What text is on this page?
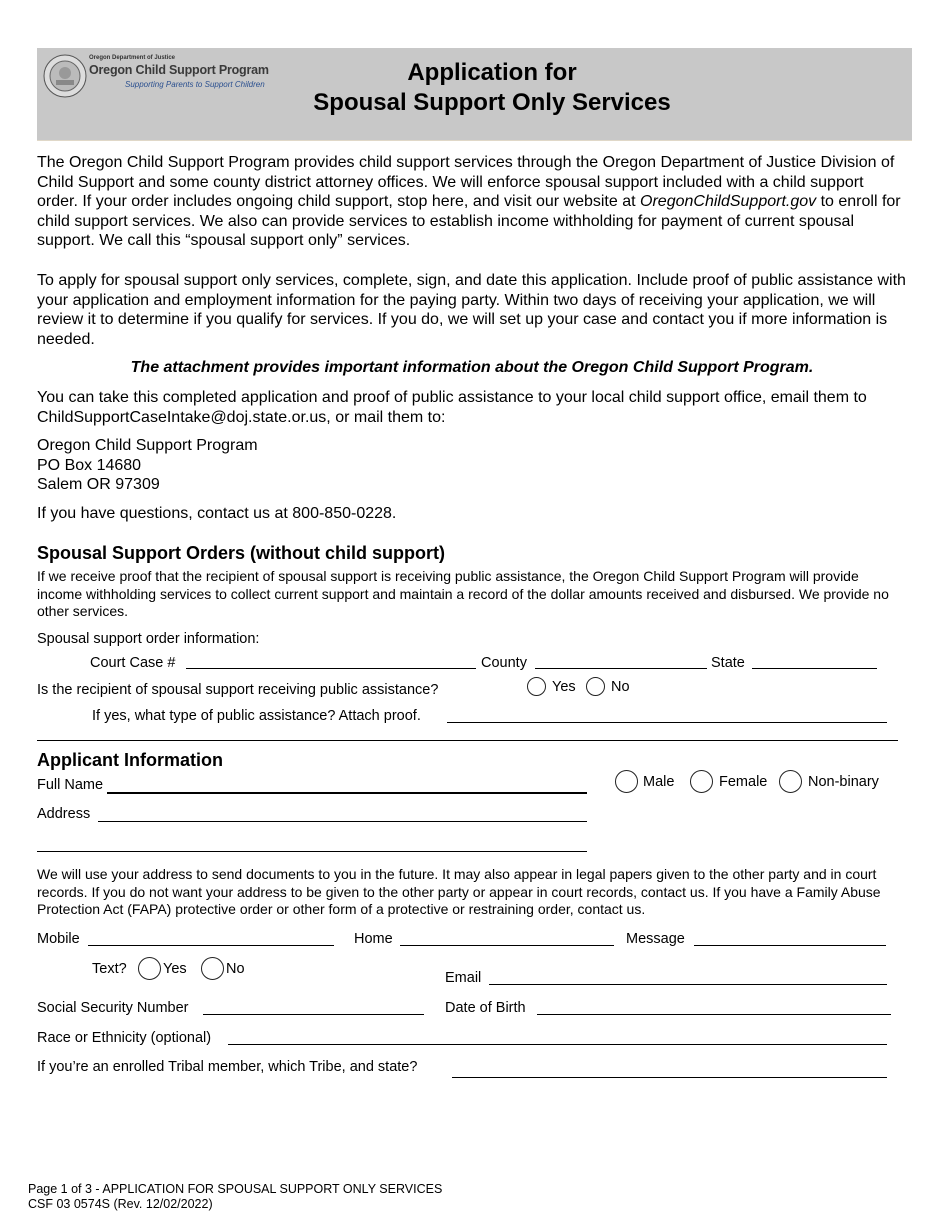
Oregon Department of Justice
Oregon Child Support Program
Supporting Parents to Support Children	Application for
Spousal Support Only Services
The Oregon Child Support Program provides child support services through the Oregon Department of Justice Division of Child Support and some county district attorney offices. We will enforce spousal support included with a child support order. If your order includes ongoing child support, stop here, and visit our website at OregonChildSupport.gov to enroll for child support services. We also can provide services to establish income withholding for payment of current spousal support. We call this “spousal support only” services.
To apply for spousal support only services, complete, sign, and date this application. Include proof of public assistance with your application and employment information for the paying party. Within two days of receiving your application, we will review it to determine if you qualify for services. If you do, we will set up your case and contact you if more information is needed.
The attachment provides important information about the Oregon Child Support Program.
You can take this completed application and proof of public assistance to your local child support office, email them to ChildSupportCaseIntake@doj.state.or.us, or mail them to:
Oregon Child Support Program
PO Box 14680
Salem OR 97309
If you have questions, contact us at 800-850-0228.
Spousal Support Orders (without child support)
If we receive proof that the recipient of spousal support is receiving public assistance, the Oregon Child Support Program will provide income withholding services to collect current support and maintain a record of the dollar amounts received and disbursed. We provide no other services.
Spousal support order information:
Court Case #	County	State
Is the recipient of spousal support receiving public assistance?	Yes No
If yes, what type of public assistance? Attach proof.
Applicant Information
Full Name	Male	Female	Non-binary
Address
We will use your address to send documents to you in the future. It may also appear in legal papers given to the other party and in court records. If you do not want your address to be given to the other party or appear in court records, contact us. If you have a Family Abuse Protection Act (FAPA) protective order or other form of a protective or restraining order, contact us.
Mobile	Home	Message
Text?	Yes	No
Email
Social Security Number	Date of Birth
Race or Ethnicity (optional)
If you’re an enrolled Tribal member, which Tribe, and state?
Page 1 of 3 - APPLICATION FOR SPOUSAL SUPPORT ONLY SERVICES
CSF 03 0574S (Rev. 12/02/2022)
